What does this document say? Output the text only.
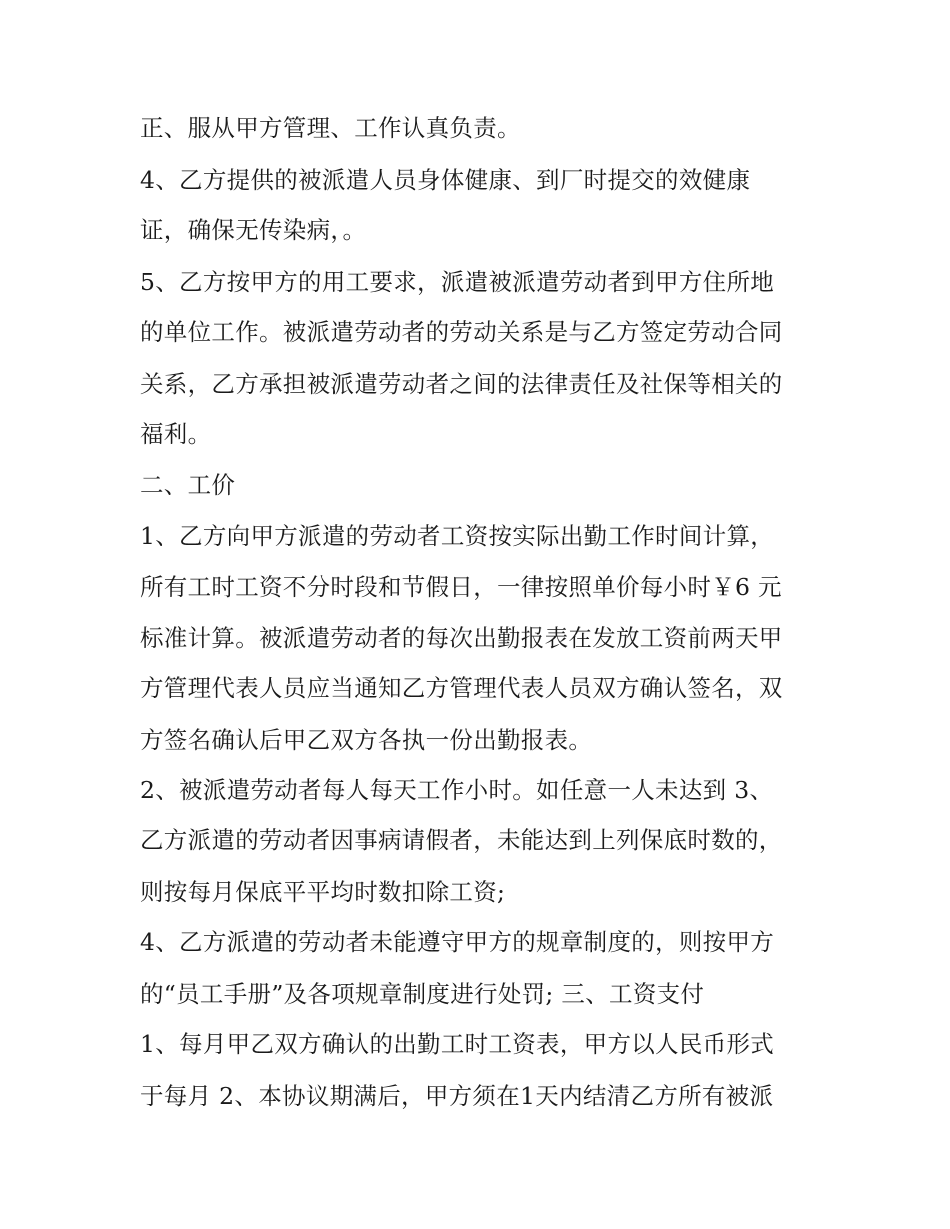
正、服从甲方管理、工作认真负责。
4、乙方提供的被派遣人员身体健康、到厂时提交的效健康
证，确保无传染病，。
5、乙方按甲方的用工要求，派遣被派遣劳动者到甲方住所地
的单位工作。被派遣劳动者的劳动关系是与乙方签定劳动合同
关系，乙方承担被派遣劳动者之间的法律责任及社保等相关的
福利。
二、工价
1、乙方向甲方派遣的劳动者工资按实际出勤工作时间计算，
所有工时工资不分时段和节假日，一律按照单价每小时￥6 元
标准计算。被派遣劳动者的每次出勤报表在发放工资前两天甲
方管理代表人员应当通知乙方管理代表人员双方确认签名，双
方签名确认后甲乙双方各执一份出勤报表。
2、被派遣劳动者每人每天工作小时。如任意一人未达到 3、
乙方派遣的劳动者因事病请假者，未能达到上列保底时数的，
则按每月保底平平均时数扣除工资;
4、乙方派遣的劳动者未能遵守甲方的规章制度的，则按甲方
的“员工手册”及各项规章制度进行处罚; 三、工资支付
1、每月甲乙双方确认的出勤工时工资表，甲方以人民币形式
于每月 2、本协议期满后，甲方须在1天内结清乙方所有被派
